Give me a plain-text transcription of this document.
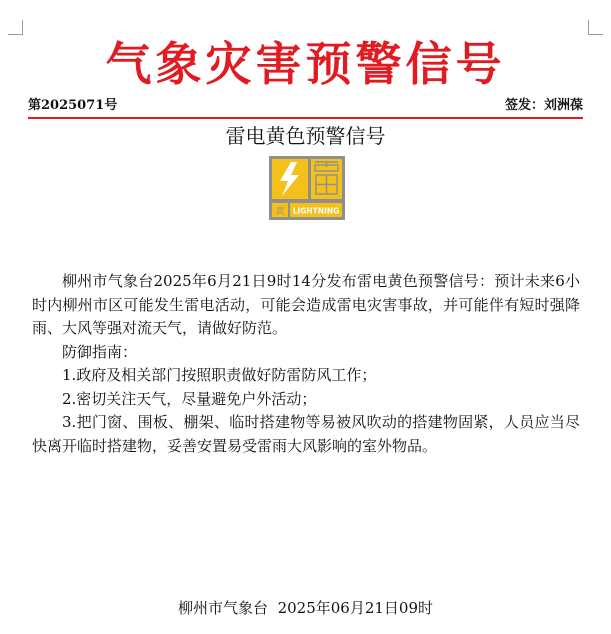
气象灾害预警信号
第2025071号	签发：刘洲葆
雷电黄色预警信号
黄 LIGHTNING

柳州市气象台2025年6月21日9时14分发布雷电黄色预警信号：预计未来6小时内柳州市区可能发生雷电活动，可能会造成雷电灾害事故，并可能伴有短时强降雨、大风等强对流天气，请做好防范。

防御指南：

1.政府及相关部门按照职责做好防雷防风工作；

2.密切关注天气，尽量避免户外活动；

3.把门窗、围板、棚架、临时搭建物等易被风吹动的搭建物固紧，人员应当尽快离开临时搭建物，妥善安置易受雷雨大风影响的室外物品。

柳州市气象台 2025年06月21日09时
